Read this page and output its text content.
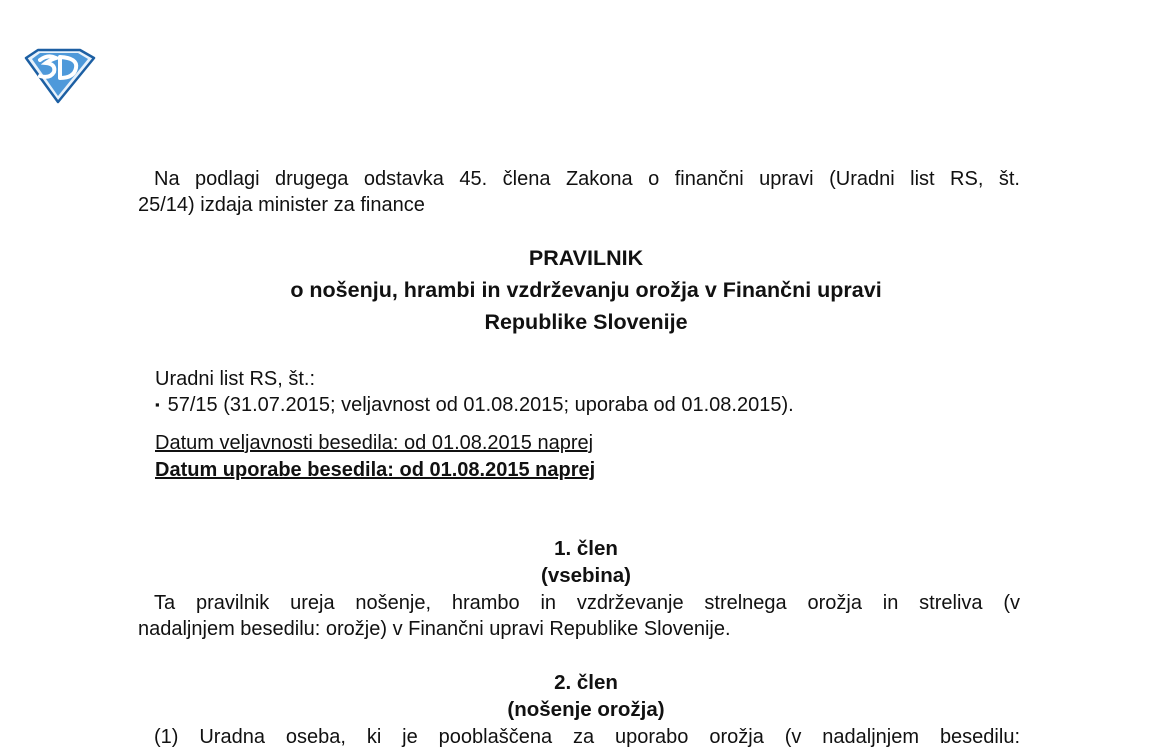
Na podlagi drugega odstavka 45. člena Zakona o finančni upravi (Uradni list RS, št.
25/14) izdaja minister za finance
PRAVILNIK
o nošenju, hrambi in vzdrževanju orožja v Finančni upravi
Republike Slovenije
Uradni list RS, št.:
▪ 57/15 (31.07.2015; veljavnost od 01.08.2015; uporaba od 01.08.2015).
Datum veljavnosti besedila: od 01.08.2015 naprej
Datum uporabe besedila: od 01.08.2015 naprej
1. člen
(vsebina)
Ta pravilnik ureja nošenje, hrambo in vzdrževanje strelnega orožja in streliva (v
nadaljnjem besedilu: orožje) v Finančni upravi Republike Slovenije.
2. člen
(nošenje orožja)
(1) Uradna oseba, ki je pooblaščena za uporabo orožja (v nadaljnjem besedilu:
